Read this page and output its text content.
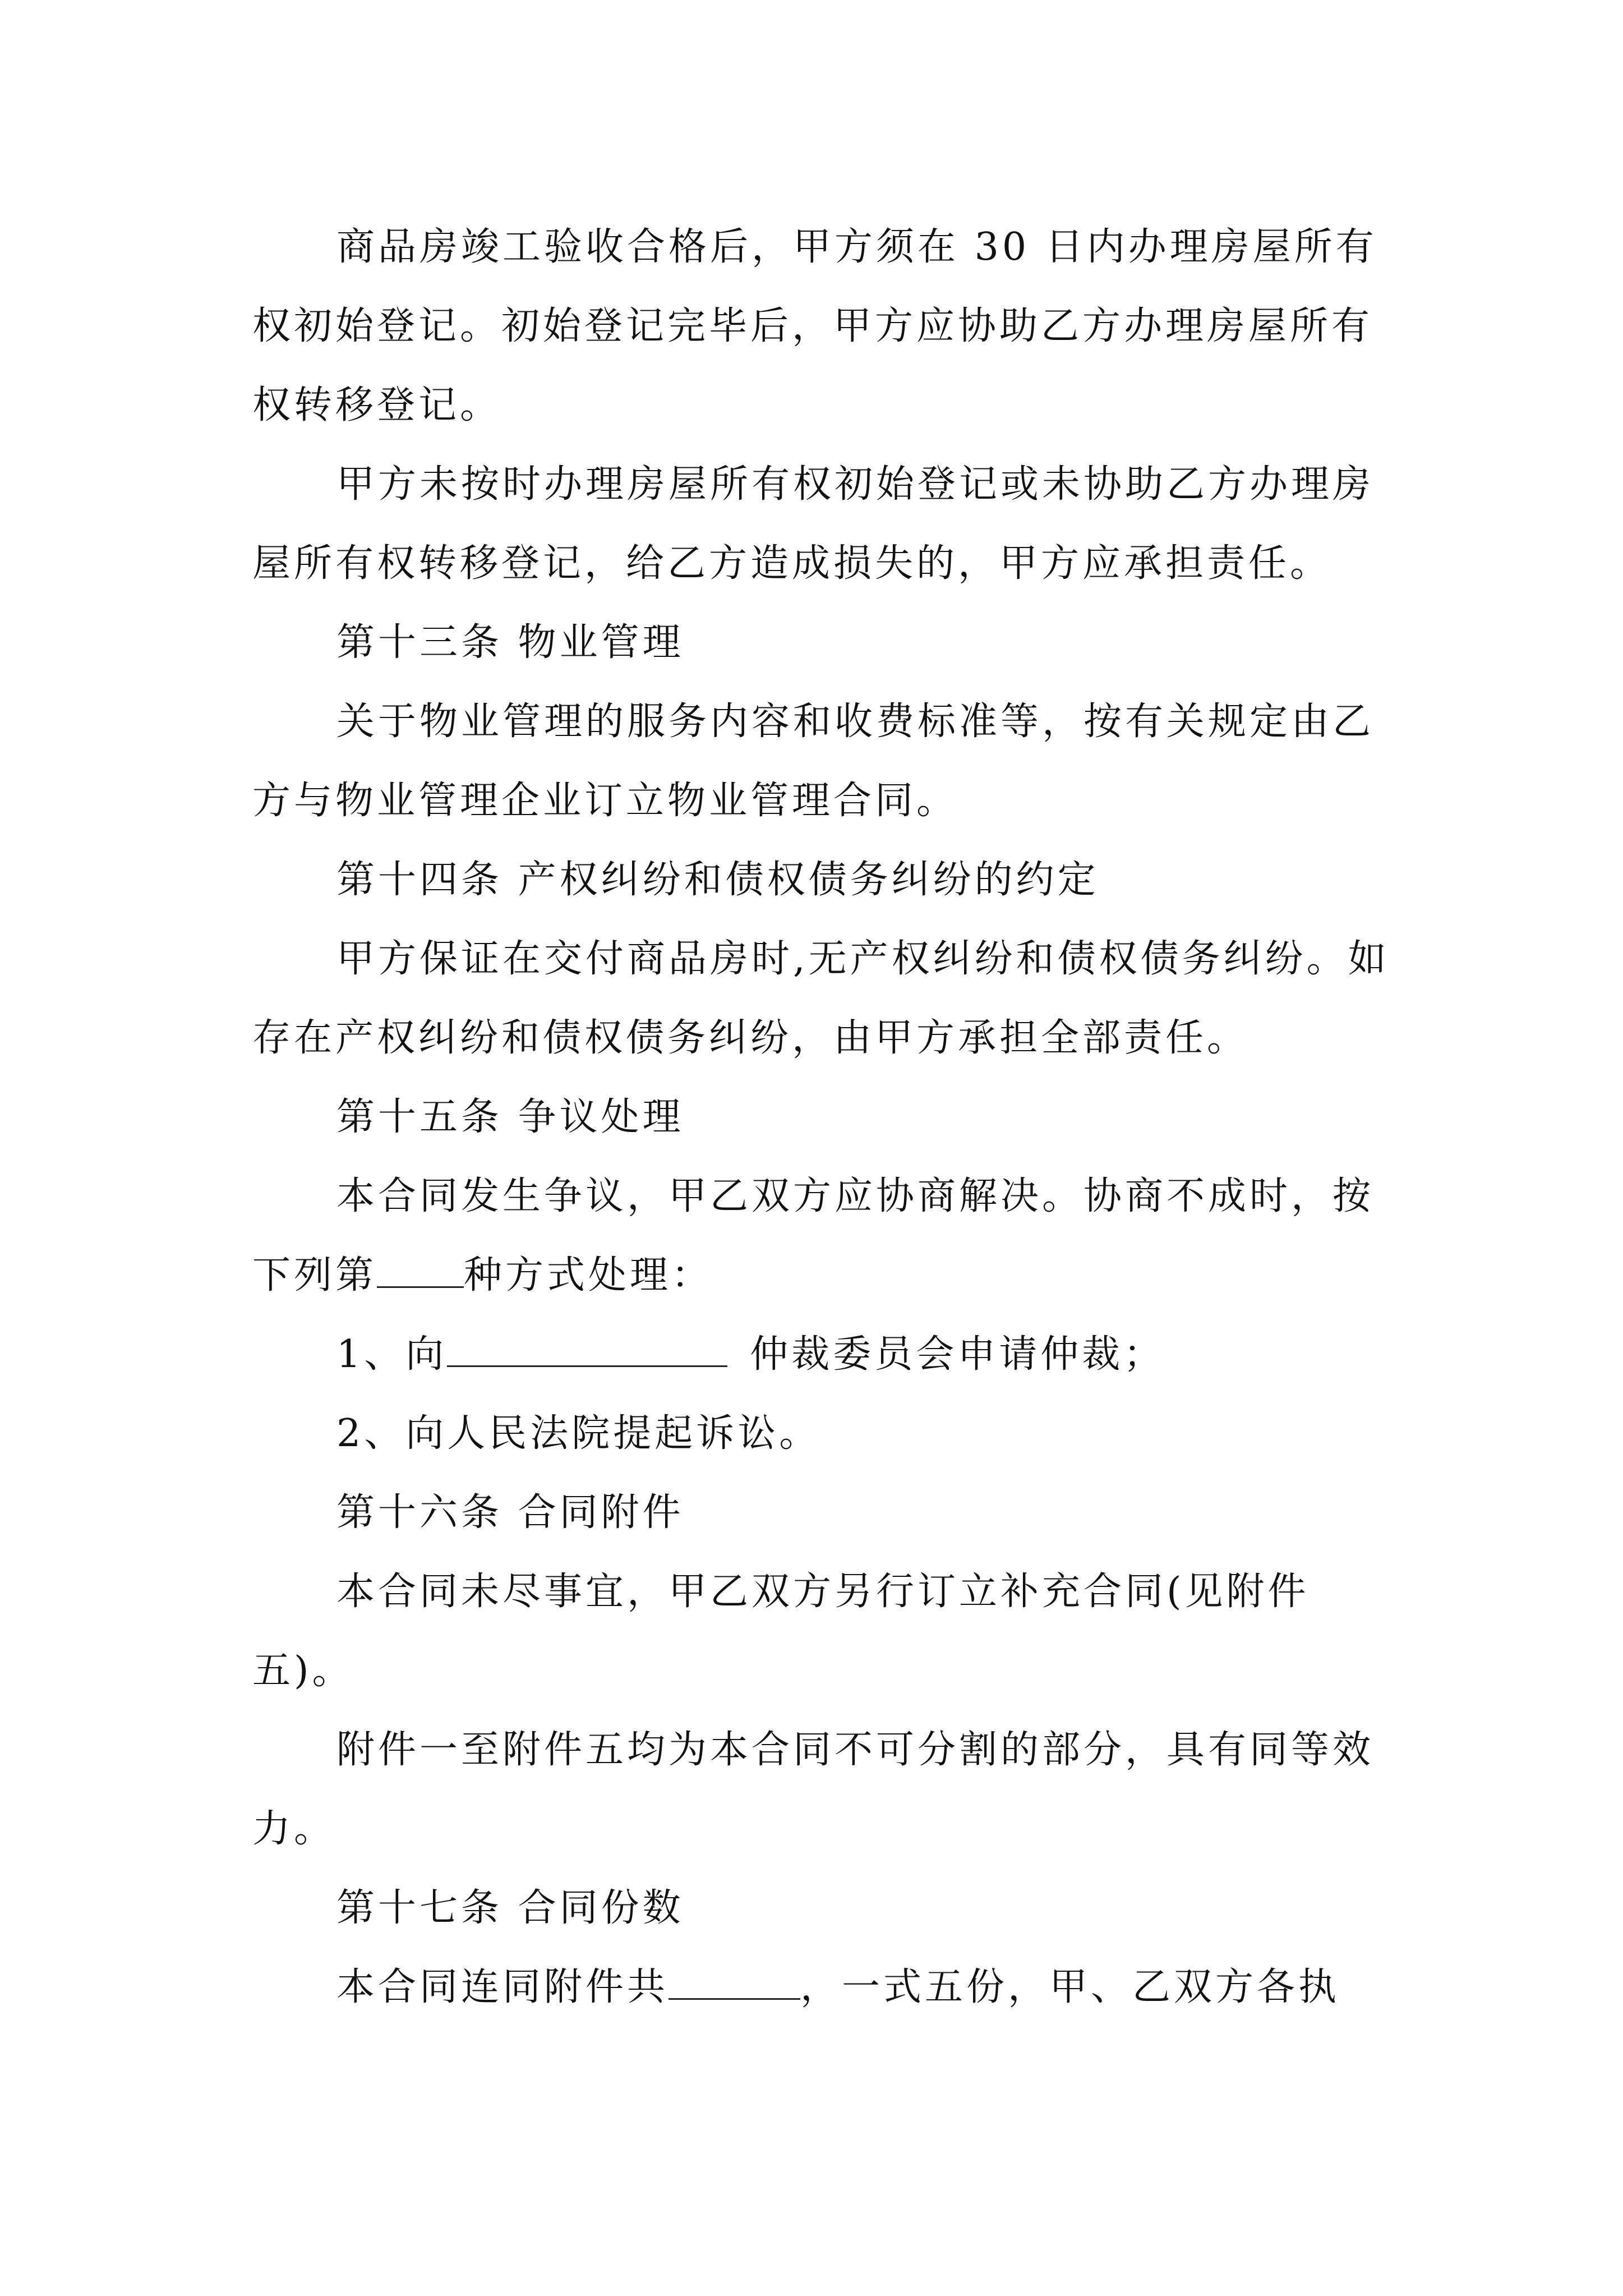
商品房竣工验收合格后，甲方须在 30 日内办理房屋所有权初始登记。初始登记完毕后，甲方应协助乙方办理房屋所有权转移登记。

甲方未按时办理房屋所有权初始登记或未协助乙方办理房屋所有权转移登记，给乙方造成损失的，甲方应承担责任。

第十三条 物业管理

关于物业管理的服务内容和收费标准等，按有关规定由乙方与物业管理企业订立物业管理合同。

第十四条 产权纠纷和债权债务纠纷的约定

甲方保证在交付商品房时,无产权纠纷和债权债务纠纷。如存在产权纠纷和债权债务纠纷，由甲方承担全部责任。

第十五条 争议处理

本合同发生争议，甲乙双方应协商解决。协商不成时，按下列第 种方式处理：

1、向	仲裁委员会申请仲裁；

2、向人民法院提起诉讼。

第十六条 合同附件

本合同未尽事宜，甲乙双方另行订立补充合同(见附件五)。

附件一至附件五均为本合同不可分割的部分，具有同等效力。

第十七条 合同份数

本合同连同附件共	，一式五份，甲、乙双方各执
